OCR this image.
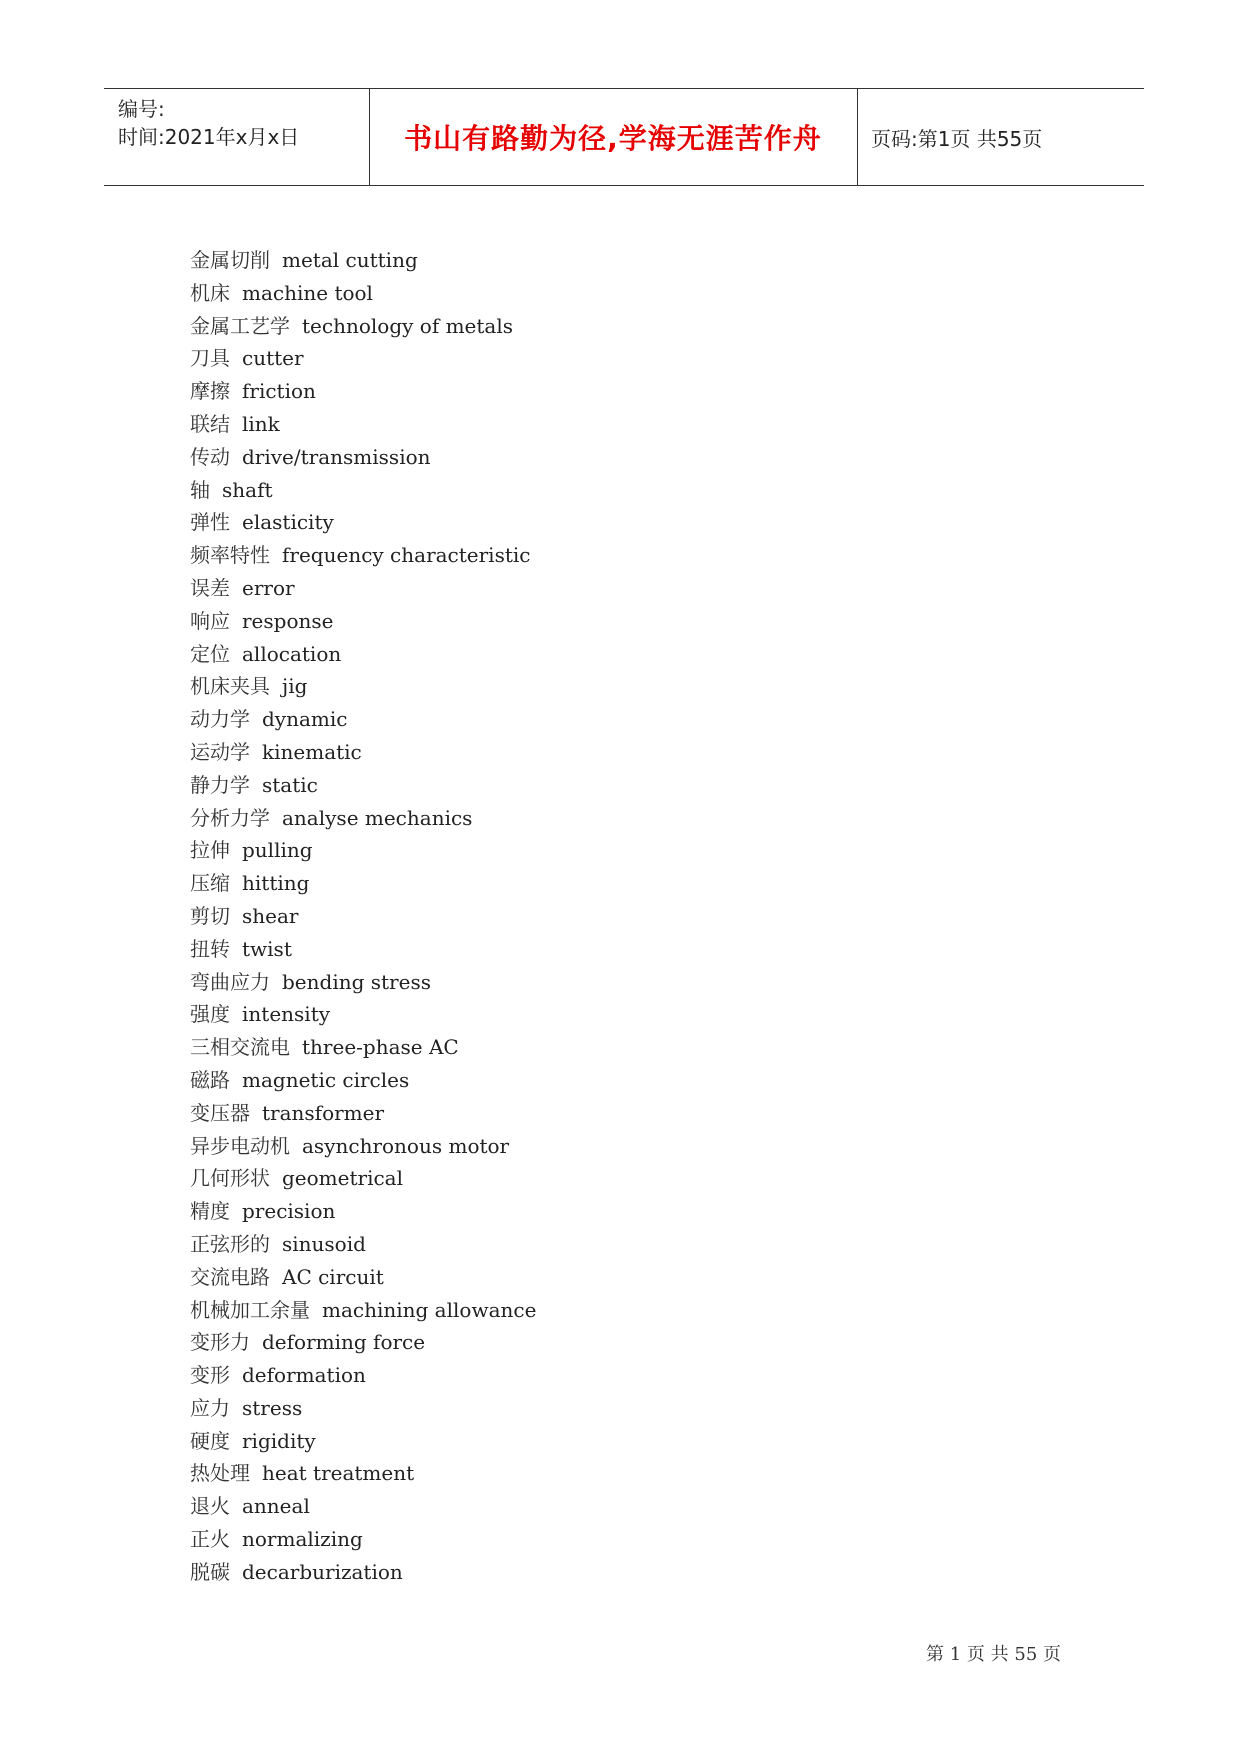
编号:
时间:2021年x月x日	书山有路勤为径,学海无涯苦作舟 页码:第1页 共55页
金属切削 metal cutting
机床 machine tool
金属工艺学 technology of metals
刀具 cutter
摩擦 friction
联结 link
传动 drive/transmission
轴 shaft
弹性 elasticity
频率特性 frequency characteristic
误差 error
响应 response
定位 allocation
机床夹具 jig
动力学 dynamic
运动学 kinematic
静力学 static
分析力学 analyse mechanics
拉伸 pulling
压缩 hitting
剪切 shear
扭转 twist
弯曲应力 bending stress
强度 intensity
三相交流电 three-phase AC
磁路 magnetic circles
变压器 transformer
异步电动机 asynchronous motor
几何形状 geometrical
精度 precision
正弦形的 sinusoid
交流电路 AC circuit
机械加工余量 machining allowance
变形力 deforming force
变形 deformation
应力 stress
硬度 rigidity
热处理 heat treatment
退火 anneal
正火 normalizing
脱碳 decarburization
第 1 页 共 55 页
